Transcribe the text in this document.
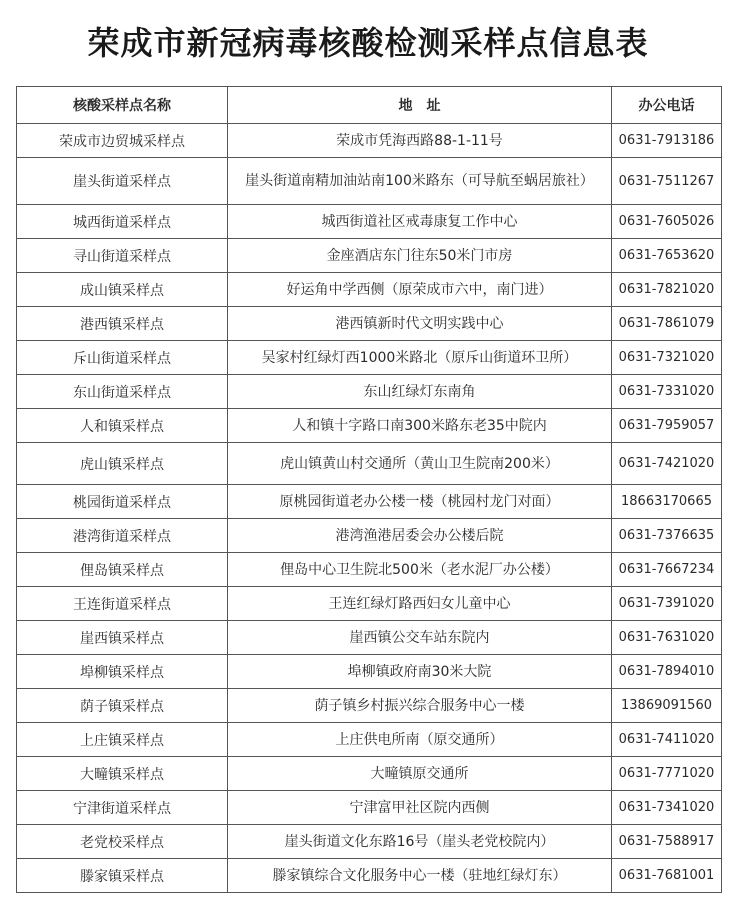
荣成市新冠病毒核酸检测采样点信息表
核酸采样点名称	地　址	办公电话
荣成市边贸城采样点	荣成市凭海西路88-1-11号	0631-7913186
崖头街道采样点	崖头街道南精加油站南100米路东（可导航至蜗居旅社）	0631-7511267
城西街道采样点	城西街道社区戒毒康复工作中心	0631-7605026
寻山街道采样点	金座酒店东门往东50米门市房	0631-7653620
成山镇采样点	好运角中学西侧（原荣成市六中，南门进）	0631-7821020
港西镇采样点	港西镇新时代文明实践中心	0631-7861079
斥山街道采样点	吴家村红绿灯西1000米路北（原斥山街道环卫所）	0631-7321020
东山街道采样点	东山红绿灯东南角	0631-7331020
人和镇采样点	人和镇十字路口南300米路东老35中院内	0631-7959057
虎山镇采样点	虎山镇黄山村交通所（黄山卫生院南200米）	0631-7421020
桃园街道采样点	原桃园街道老办公楼一楼（桃园村龙门对面）	18663170665
港湾街道采样点	港湾渔港居委会办公楼后院	0631-7376635
俚岛镇采样点	俚岛中心卫生院北500米（老水泥厂办公楼）	0631-7667234
王连街道采样点	王连红绿灯路西妇女儿童中心	0631-7391020
崖西镇采样点	崖西镇公交车站东院内	0631-7631020
埠柳镇采样点	埠柳镇政府南30米大院	0631-7894010
荫子镇采样点	荫子镇乡村振兴综合服务中心一楼	13869091560
上庄镇采样点	上庄供电所南（原交通所）	0631-7411020
大疃镇采样点	大疃镇原交通所	0631-7771020
宁津街道采样点	宁津富甲社区院内西侧	0631-7341020
老党校采样点	崖头街道文化东路16号（崖头老党校院内）	0631-7588917
滕家镇采样点	滕家镇综合文化服务中心一楼（驻地红绿灯东）	0631-7681001
